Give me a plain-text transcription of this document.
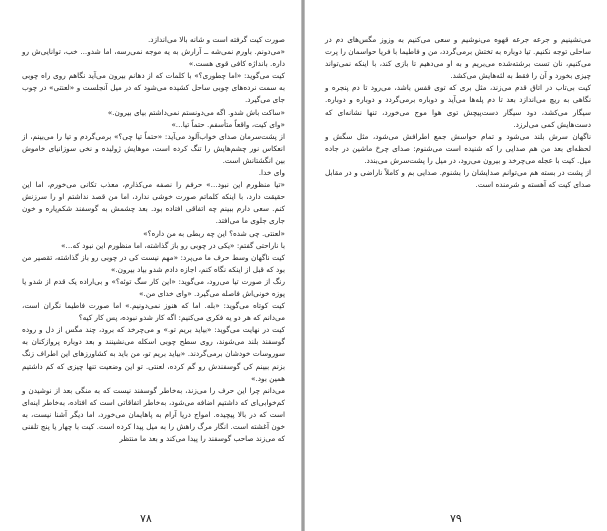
صورت کیت گرفته است و شانه بالا می‌اندازد.

«می‌دونم. باورم نمی‌شه ــ آرارش به یه موجه نمی‌رسه، اما شدو... خب، توانایی‌ش رو داره. بانداژه کافی قوی هست.»

کیت می‌گوید: «اما چطوری؟» با کلمات که از دهانم بیرون می‌آید نگاهم روی راه چوبی به سمت نرده‌های چوبی ساحل کشیده می‌شود که در میل آنجلست و «لعنتی» در چوب جای می‌گیرد.

«ساکت باش شدو. اگه می‌دونستم نمی‌داشتم بیای بیرون.»

«وای کیت، واقعاً متأسفم. حتماً تیا...»

از پشت‌سرمان صدای خواب‌آلود می‌آید: «حتماً تیا چی؟» برمی‌گردم و تیا را می‌بینم، از انعکاس نور چشم‌هایش را تنگ کرده است، موهایش ژولیده و نخی سوزانیای خاموش بین انگشتانش است.

وای خدا.

«تیا منظورم این نبود...» حرفم را نصفه می‌کذارم، معذب تکانی می‌خورم، اما این حقیقت دارد، با اینکه کلماتم صورت خوشی ندارد، اما من قصد نداشتم او را سرزنش کنم. سعی دارم ببینم چه اتفاقی افتاده بود. بعد چشمش به گوسفند شکم‌پاره و خون جاری جلوی ما می‌افتد.

«لعنتی. چی شده؟ این چه ربطی به من داره؟»

با ناراحتی گفتم: «یکی در چوبی رو باز گذاشته، اما منظورم این نبود که...»

کیت ناگهان وسط حرف ما می‌پرد: «مهم نیست کی در چوبی رو باز گذاشته، تقصیر من بود که قبل از اینکه نگاه کنم، اجازه دادم شدو بیاد بیرون.»

رنگ از صورت تیا می‌رود، می‌گوید: «این کار سگ توئه؟» و بی‌اراده یک قدم از شدو یا پوزه خونی‌اش فاصله می‌گیرد. «وای خدای من.»

کیت کوتاه می‌گوید: «بله. اما که هنوز نمی‌دونیم.» اما صورت فاطیما نگران است، می‌دانم که هر دو یه فکری می‌کنیم: اگه کار شدو نبوده، پس کار کیه؟

کیت در نهایت می‌گوید: «بیاید بریم تو.» و می‌چرخد که برود، چند مگس از دل و روده گوسفند بلند می‌شوند، روی سطح چوبی اسکله می‌نشینند و بعد دوباره پروازکنان به سوروسات خودشان برمی‌گردند. «بیاید بریم تو، من باید به کشاورزهای این اطراف زنگ بزنم ببینم کی گوسفندش رو گم کرده، لعنتی. تو این وضعیت تنها چیزی که کم داشتیم همین بود.»

می‌دانم چرا این حرف را می‌زند، به‌خاطر گوسفند نیست که به منگی بعد از نوشیدن و کم‌خوابی‌ای که داشتیم اضافه می‌شود، به‌خاطر اتفاقاتی است که افتاده، به‌خاطر اینه‌ای است که در بالا پیچیده. امواج دریا آرام به پاهایمان می‌خورد، اما دیگر آشنا نیست، به خون آغشته است. انگار مرگ راهش را به میل پیدا کرده است. کیت با چهار یا پنج تلفنی که می‌زند صاحب گوسفند را پیدا می‌کند و بعد ما منتظر

۷۸

می‌نشینیم و جرعه جرعه قهوه می‌نوشیم و سعی می‌کنیم به وزوز مگس‌های دم در ساحلی توجه نکنیم. تیا دوباره به تختش برمی‌گردد، من و فاطیما با فریا حواسمان را پرت می‌کنیم، نان تست برشته‌شده می‌بریم و به او می‌دهیم تا بازی کند، با اینکه نمی‌تواند چیزی بخورد و آن را فقط به لثه‌هایش می‌کشد.

کیت بی‌تاب در اتاق قدم می‌زند، مثل بری که توی قفس باشد، می‌رود تا دم پنجره و نگاهی به ریچ می‌اندازد بعد تا دم پله‌ها می‌آید و دوباره برمی‌گردد و دوباره و دوباره. سیگار می‌کشد، دود سیگار دست‌پیچش توی هوا موج می‌خورد، تنها نشانه‌ای که دست‌هایش کمی می‌لرزد.

ناگهان سرش بلند می‌شود و تمام حواسش جمع اطرافش می‌شود، مثل سگش و لحظه‌ای بعد من هم صدایی را که شنیده است می‌شنوم: صدای چرخ ماشین در جاده میل. کیت با عجله می‌چرخد و بیرون می‌رود، در میل را پشت‌سرش می‌بندد.

از پشت در بسته هم می‌توانم صدایشان را بشنوم. صدایی بم و کاملاً ناراضی و در مقابل صدای کیت که آهسته و شرمنده است.

۷۹
